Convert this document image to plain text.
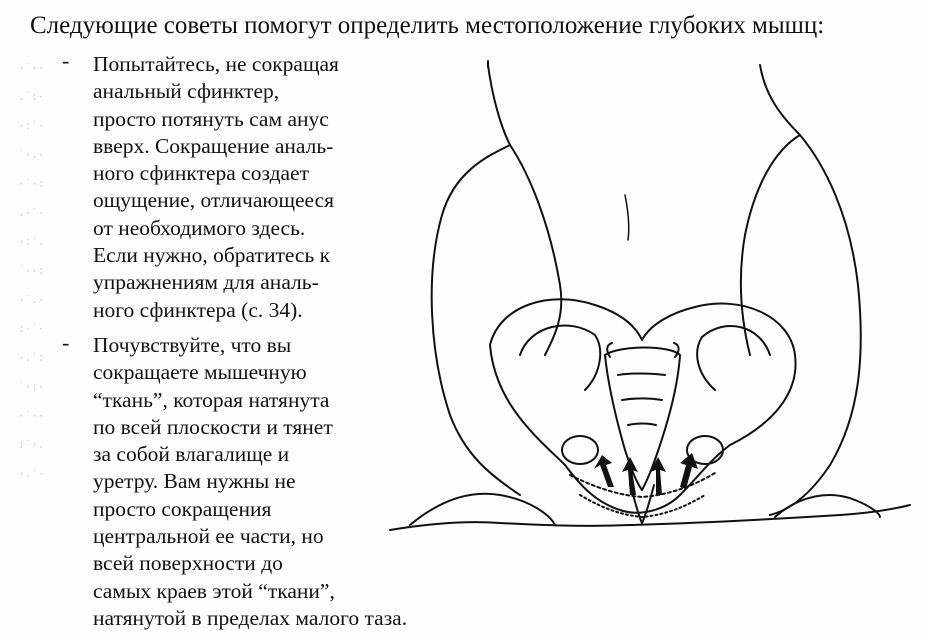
Следующие советы помогут определить местоположение глубоких мышц:
·˙··
.˙:·
·:˙·
˙·.·
·˙·:
.·˙·
·:˙.
˙··:
·˙.·
:·˙·
·.˙:
˙·:·
·˙··
:˙·.
·.˙·
- Попытайтесь, не сокращая
анальный сфинктер,
просто потянуть сам анус
вверх. Сокращение аналь-
ного сфинктера создает
ощущение, отличающееся
от необходимого здесь.
Если нужно, обратитесь к
упражнениям для аналь-
ного сфинктера (с. 34).
- Почувствуйте, что вы
сокращаете мышечную
“ткань”, которая натянута
по всей плоскости и тянет
за собой влагалище и
уретру. Вам нужны не
просто сокращения
центральной ее части, но
всей поверхности до
самых краев этой “ткани”,
натянутой в пределах малого таза.
